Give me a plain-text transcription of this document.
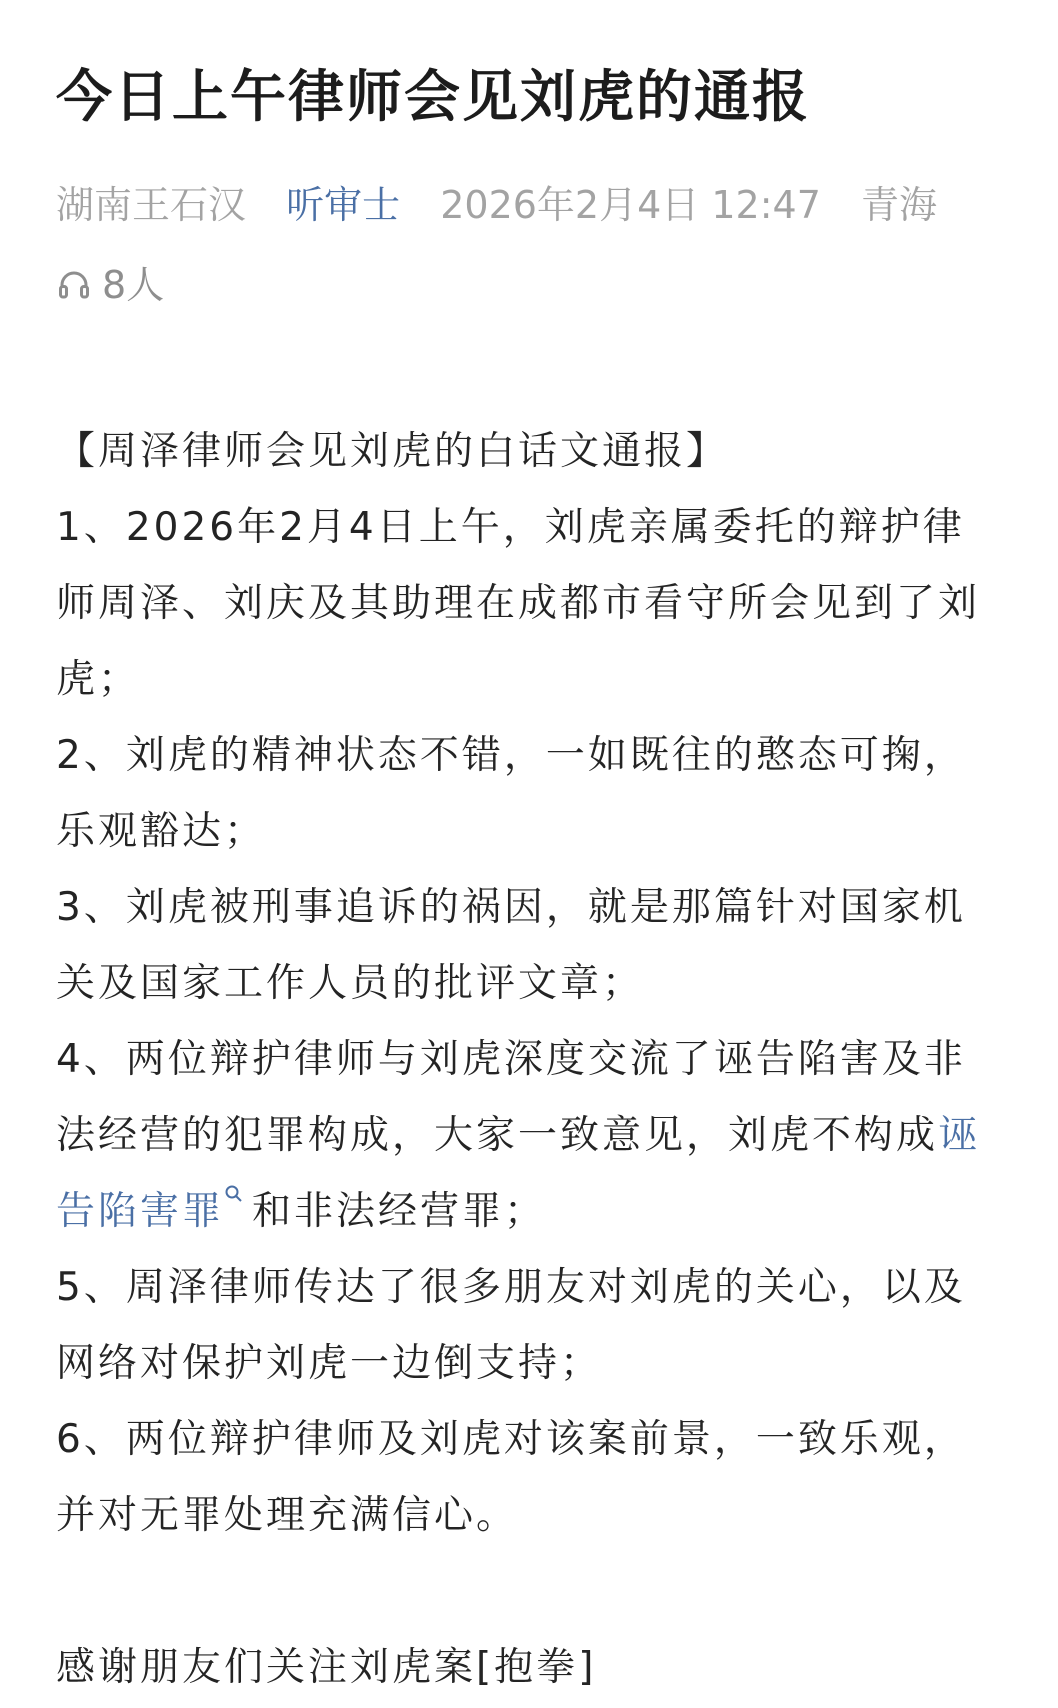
今日上午律师会见刘虎的通报
湖南王石汉 听审士 2026年2月4日 12:47 青海
8人

【周泽律师会见刘虎的白话文通报】

1、2026年2月4日上午，刘虎亲属委托的辩护律师周泽、刘庆及其助理在成都市看守所会见到了刘虎；

2、刘虎的精神状态不错，一如既往的憨态可掬，乐观豁达；

3、刘虎被刑事追诉的祸因，就是那篇针对国家机关及国家工作人员的批评文章；

4、两位辩护律师与刘虎深度交流了诬告陷害及非法经营的犯罪构成，大家一致意见，刘虎不构成诬告陷害罪 和非法经营罪；

5、周泽律师传达了很多朋友对刘虎的关心，以及网络对保护刘虎一边倒支持；

6、两位辩护律师及刘虎对该案前景，一致乐观，并对无罪处理充满信心。

感谢朋友们关注刘虎案[抱拳]
